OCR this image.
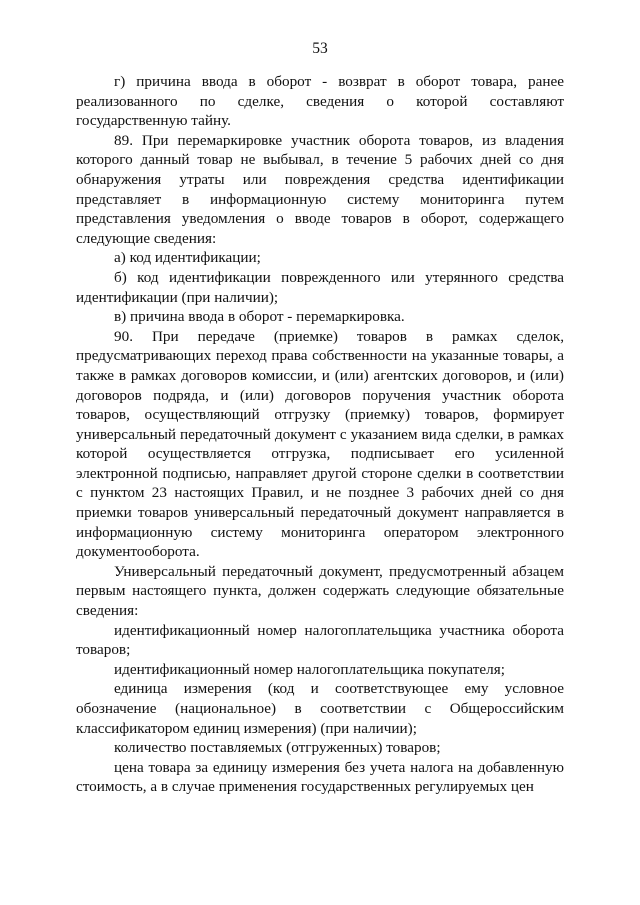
53

г) причина ввода в оборот - возврат в оборот товара, ранее реализованного по сделке, сведения о которой составляют государственную тайну.

89. При перемаркировке участник оборота товаров, из владения которого данный товар не выбывал, в течение 5 рабочих дней со дня обнаружения утраты или повреждения средства идентификации представляет в информационную систему мониторинга путем представления уведомления о вводе товаров в оборот, содержащего следующие сведения:

а) код идентификации;

б) код идентификации поврежденного или утерянного средства идентификации (при наличии);

в) причина ввода в оборот - перемаркировка.

90. При передаче (приемке) товаров в рамках сделок, предусматривающих переход права собственности на указанные товары, а также в рамках договоров комиссии, и (или) агентских договоров, и (или) договоров подряда, и (или) договоров поручения участник оборота товаров, осуществляющий отгрузку (приемку) товаров, формирует универсальный передаточный документ с указанием вида сделки, в рамках которой осуществляется отгрузка, подписывает его усиленной электронной подписью, направляет другой стороне сделки в соответствии с пунктом 23 настоящих Правил, и не позднее 3 рабочих дней со дня приемки товаров универсальный передаточный документ направляется в информационную систему мониторинга оператором электронного документооборота.

Универсальный передаточный документ, предусмотренный абзацем первым настоящего пункта, должен содержать следующие обязательные сведения:

идентификационный номер налогоплательщика участника оборота товаров;

идентификационный номер налогоплательщика покупателя;

единица измерения (код и соответствующее ему условное обозначение (национальное) в соответствии с Общероссийским классификатором единиц измерения) (при наличии);

количество поставляемых (отгруженных) товаров;

цена товара за единицу измерения без учета налога на добавленную стоимость, а в случае применения государственных регулируемых цен
